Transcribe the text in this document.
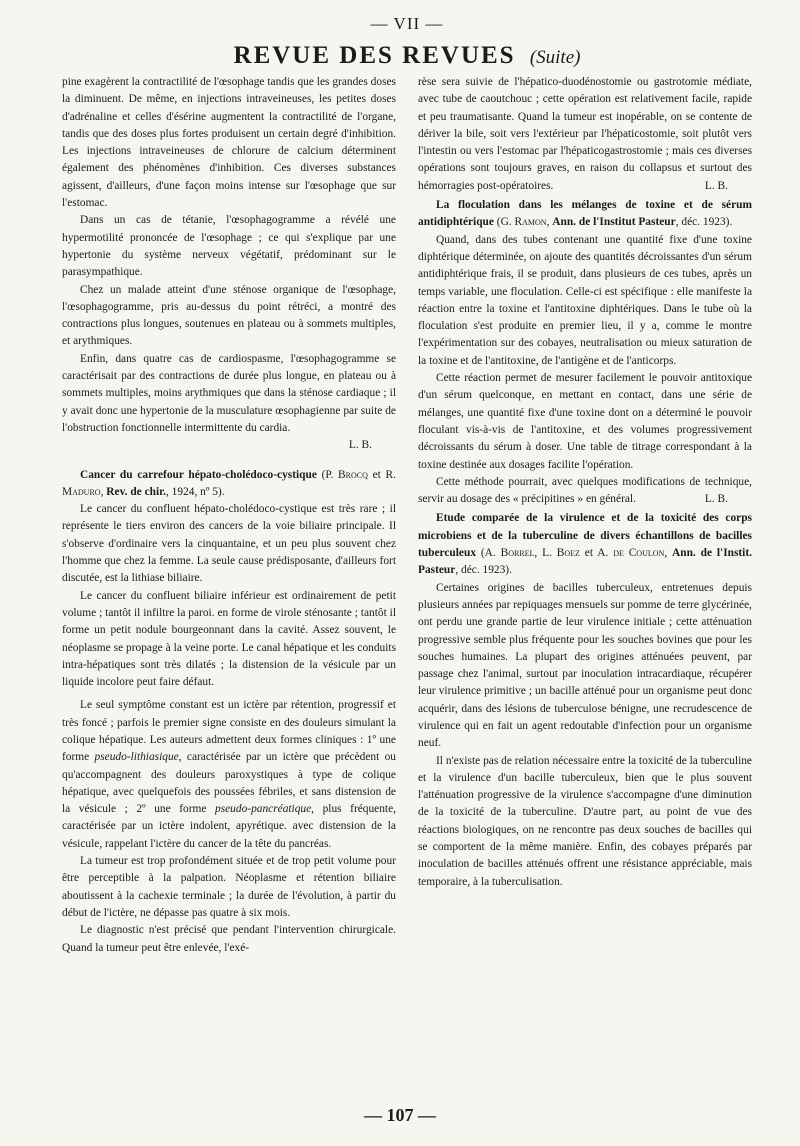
— VII —
REVUE DES REVUES (Suite)

pine exagèrent la contractilité de l'œsophage tandis que les grandes doses la diminuent. De même, en injections intraveineuses, les petites doses d'adrénaline et celles d'ésérine augmentent la contractilité de l'organe, tandis que des doses plus fortes produisent un certain degré d'inhibition. Les injections intraveineuses de chlorure de calcium déterminent également des phénomènes d'inhibition. Ces diverses substances agissent, d'ailleurs, d'une façon moins intense sur l'œsophage que sur l'estomac.

Dans un cas de tétanie, l'œsophagogramme a révélé une hypermotilité prononcée de l'œsophage ; ce qui s'explique par une hypertonie du système nerveux végétatif, prédominant sur le parasympathique.

Chez un malade atteint d'une sténose organique de l'œsophage, l'œsophagogramme, pris au-dessus du point rétréci, a montré des contractions plus longues, soutenues en plateau ou à sommets multiples, et arythmiques.

Enfin, dans quatre cas de cardiospasme, l'œsophagogramme se caractérisait par des contractions de durée plus longue, en plateau ou à sommets multiples, moins arythmiques que dans la sténose cardiaque ; il y avait donc une hypertonie de la musculature œsophagienne par suite de l'obstruction fonctionnelle intermittente du cardia.

L. B.

Cancer du carrefour hépato-cholédoco-cystique (P. Brocq et R. Maduro, Rev. de chir., 1924, nº 5).

Le cancer du confluent hépato-cholédoco-cystique est très rare ; il représente le tiers environ des cancers de la voie biliaire principale. Il s'observe d'ordinaire vers la cinquantaine, et un peu plus souvent chez l'homme que chez la femme. La seule cause prédisposante, d'ailleurs fort discutée, est la lithiase biliaire.

Le cancer du confluent biliaire inférieur est ordinairement de petit volume ; tantôt il infiltre la paroi. en forme de virole sténosante ; tantôt il forme un petit nodule bourgeonnant dans la cavité. Assez souvent, le néoplasme se propage à la veine porte. Le canal hépatique et les conduits intra-hépatiques sont très dilatés ; la distension de la vésicule par un liquide incolore peut faire défaut.

Le seul symptôme constant est un ictère par rétention, progressif et très foncé ; parfois le premier signe consiste en des douleurs simulant la colique hépatique. Les auteurs admettent deux formes cliniques : 1º une forme pseudo-lithiasique, caractérisée par un ictère que précèdent ou qu'accompagnent des douleurs paroxystiques à type de colique hépatique, avec quelquefois des poussées fébriles, et sans distension de la vésicule ; 2º une forme pseudo-pancréatique, plus fréquente, caractérisée par un ictère indolent, apyrétique. avec distension de la vésicule, rappelant l'ictère du cancer de la tête du pancréas.

La tumeur est trop profondément située et de trop petit volume pour être perceptible à la palpation. Néoplasme et rétention biliaire aboutissent à la cachexie terminale ; la durée de l'évolution, à partir du début de l'ictère, ne dépasse pas quatre à six mois.

Le diagnostic n'est précisé que pendant l'intervention chirurgicale. Quand la tumeur peut être enlevée, l'exé-

rèse sera suivie de l'hépatico-duodénostomie ou gastrotomie médiate, avec tube de caoutchouc ; cette opération est relativement facile, rapide et peu traumatisante. Quand la tumeur est inopérable, on se contente de dériver la bile, soit vers l'extérieur par l'hépaticostomie, soit plutôt vers l'intestin ou vers l'estomac par l'hépaticogastrostomie ; mais ces diverses opérations sont toujours graves, en raison du collapsus et surtout des hémorragies post-opératoires.	L. B.

La floculation dans les mélanges de toxine et de sérum antidiphtérique (G. Ramon, Ann. de l'Institut Pasteur, déc. 1923).

Quand, dans des tubes contenant une quantité fixe d'une toxine diphtérique déterminée, on ajoute des quantités décroissantes d'un sérum antidiphtérique frais, il se produit, dans plusieurs de ces tubes, après un temps variable, une floculation. Celle-ci est spécifique : elle manifeste la réaction entre la toxine et l'antitoxine diphtériques. Dans le tube où la floculation s'est produite en premier lieu, il y a, comme le montre l'expérimentation sur des cobayes, neutralisation ou mieux saturation de la toxine et de l'antitoxine, de l'antigène et de l'anticorps.

Cette réaction permet de mesurer facilement le pouvoir antitoxique d'un sérum quelconque, en mettant en contact, dans une série de mélanges, une quantité fixe d'une toxine dont on a déterminé le pouvoir floculant vis-à-vis de l'antitoxine, et des volumes progressivement décroissants du sérum à doser. Une table de titrage correspondant à la toxine destinée aux dosages facilite l'opération.

Cette méthode pourrait, avec quelques modifications de technique, servir au dosage des « précipitines » en général.	L. B.

Etude comparée de la virulence et de la toxicité des corps microbiens et de la tuberculine de divers échantillons de bacilles tuberculeux (A. Borrel, L. Boez et A. de Coulon, Ann. de l'Instit. Pasteur, déc. 1923).

Certaines origines de bacilles tuberculeux, entretenues depuis plusieurs années par repiquages mensuels sur pomme de terre glycérinée, ont perdu une grande partie de leur virulence initiale ; cette atténuation progressive semble plus fréquente pour les souches bovines que pour les souches humaines. La plupart des origines atténuées peuvent, par passage chez l'animal, surtout par inoculation intracardiaque, récupérer leur virulence primitive ; un bacille atténué pour un organisme peut donc acquérir, dans des lésions de tuberculose bénigne, une recrudescence de virulence qui en fait un agent redoutable d'infection pour un organisme neuf.

Il n'existe pas de relation nécessaire entre la toxicité de la tuberculine et la virulence d'un bacille tuberculeux, bien que le plus souvent l'atténuation progressive de la virulence s'accompagne d'une diminution de la toxicité de la tuberculine. D'autre part, au point de vue des réactions biologiques, on ne rencontre pas deux souches de bacilles qui se comportent de la même manière. Enfin, des cobayes préparés par inoculation de bacilles atténués offrent une résistance appréciable, mais temporaire, à la tuberculisation.

— 107 —
